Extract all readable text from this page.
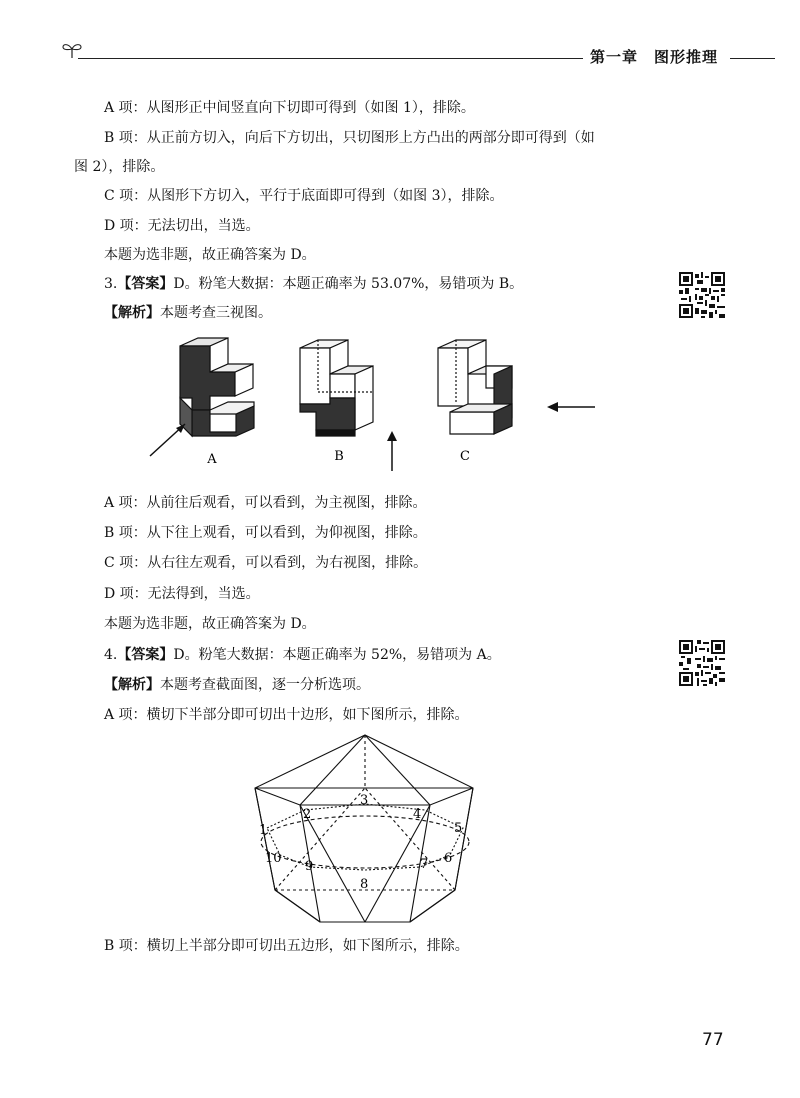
第一章　图形推理
A 项：从图形正中间竖直向下切即可得到（如图 1），排除。
B 项：从正前方切入，向后下方切出，只切图形上方凸出的两部分即可得到（如
图 2），排除。
C 项：从图形下方切入，平行于底面即可得到（如图 3），排除。
D 项：无法切出，当选。
本题为选非题，故正确答案为 D。
3.【答案】D。粉笔大数据：本题正确率为 53.07%，易错项为 B。
【解析】本题考查三视图。
A	B	C
A 项：从前往后观看，可以看到，为主视图，排除。
B 项：从下往上观看，可以看到，为仰视图，排除。
C 项：从右往左观看，可以看到，为右视图，排除。
D 项：无法得到，当选。
本题为选非题，故正确答案为 D。
4.【答案】D。粉笔大数据：本题正确率为 52%，易错项为 A。
【解析】本题考查截面图，逐一分析选项。
A 项：横切下半部分即可切出十边形，如下图所示，排除。
1
2
3
4
5
6
7
8
9
10
B 项：横切上半部分即可切出五边形，如下图所示，排除。
77
